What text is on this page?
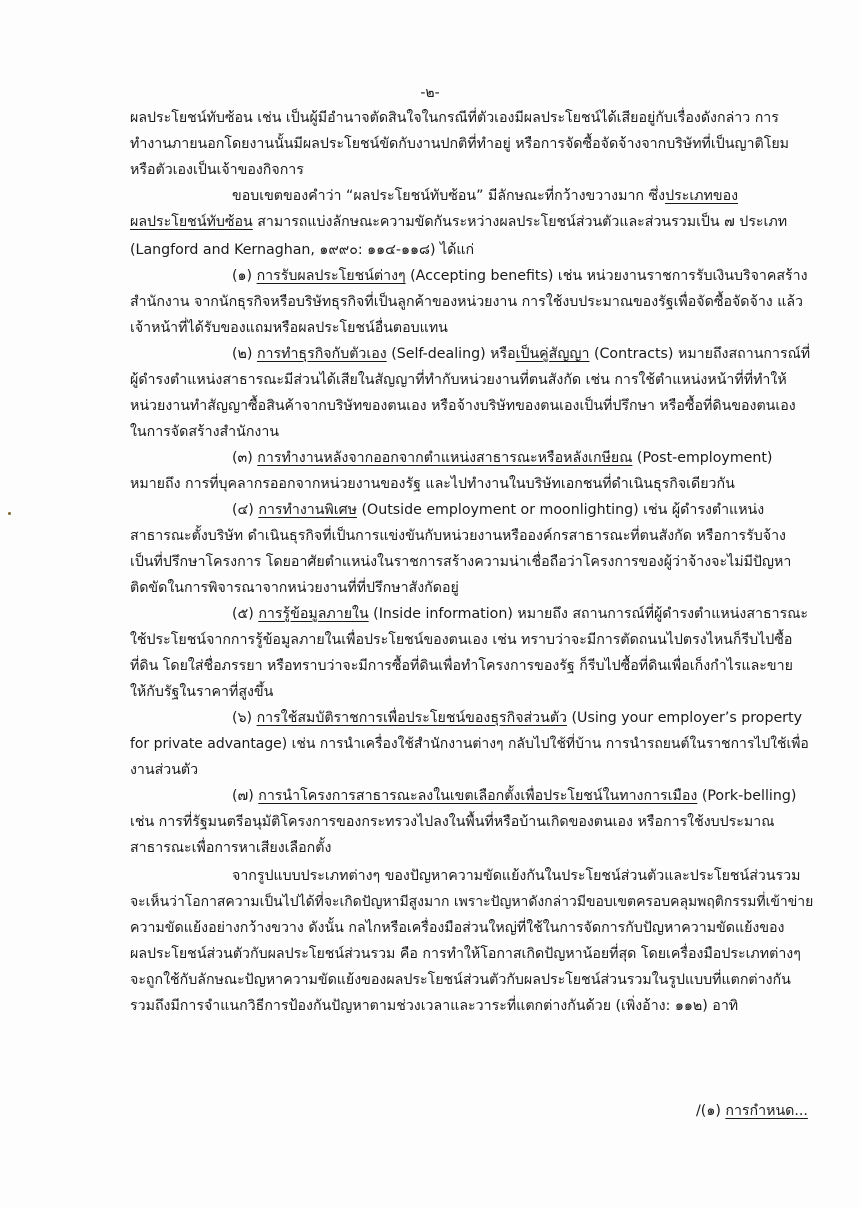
-๒-
ผลประโยชน์ทับซ้อน เช่น เป็นผู้มีอำนาจตัดสินใจในกรณีที่ตัวเองมีผลประโยชน์ได้เสียอยู่กับเรื่องดังกล่าว การ
ทำงานภายนอกโดยงานนั้นมีผลประโยชน์ขัดกับงานปกติที่ทำอยู่ หรือการจัดซื้อจัดจ้างจากบริษัทที่เป็นญาติโยม
หรือตัวเองเป็นเจ้าของกิจการ
ขอบเขตของคำว่า “ผลประโยชน์ทับซ้อน” มีลักษณะที่กว้างขวางมาก ซึ่งประเภทของ
ผลประโยชน์ทับซ้อน สามารถแบ่งลักษณะความขัดกันระหว่างผลประโยชน์ส่วนตัวและส่วนรวมเป็น ๗ ประเภท
(Langford and Kernaghan, ๑๙๙๐: ๑๑๔-๑๑๘) ได้แก่
(๑) การรับผลประโยชน์ต่างๆ (Accepting benefits) เช่น หน่วยงานราชการรับเงินบริจาคสร้าง
สำนักงาน จากนักธุรกิจหรือบริษัทธุรกิจที่เป็นลูกค้าของหน่วยงาน การใช้งบประมาณของรัฐเพื่อจัดซื้อจัดจ้าง แล้ว
เจ้าหน้าที่ได้รับของแถมหรือผลประโยชน์อื่นตอบแทน
(๒) การทำธุรกิจกับตัวเอง (Self-dealing) หรือเป็นคู่สัญญา (Contracts) หมายถึงสถานการณ์ที่
ผู้ดำรงตำแหน่งสาธารณะมีส่วนได้เสียในสัญญาที่ทำกับหน่วยงานที่ตนสังกัด เช่น การใช้ตำแหน่งหน้าที่ที่ทำให้
หน่วยงานทำสัญญาซื้อสินค้าจากบริษัทของตนเอง หรือจ้างบริษัทของตนเองเป็นที่ปรึกษา หรือซื้อที่ดินของตนเอง
ในการจัดสร้างสำนักงาน
(๓) การทำงานหลังจากออกจากตำแหน่งสาธารณะหรือหลังเกษียณ (Post-employment)
หมายถึง การที่บุคลากรออกจากหน่วยงานของรัฐ และไปทำงานในบริษัทเอกชนที่ดำเนินธุรกิจเดียวกัน
(๔) การทำงานพิเศษ (Outside employment or moonlighting) เช่น ผู้ดำรงตำแหน่ง
สาธารณะตั้งบริษัท ดำเนินธุรกิจที่เป็นการแข่งขันกับหน่วยงานหรือองค์กรสาธารณะที่ตนสังกัด หรือการรับจ้าง
เป็นที่ปรึกษาโครงการ โดยอาศัยตำแหน่งในราชการสร้างความน่าเชื่อถือว่าโครงการของผู้ว่าจ้างจะไม่มีปัญหา
ติดขัดในการพิจารณาจากหน่วยงานที่ที่ปรึกษาสังกัดอยู่
(๕) การรู้ข้อมูลภายใน (Inside information) หมายถึง สถานการณ์ที่ผู้ดำรงตำแหน่งสาธารณะ
ใช้ประโยชน์จากการรู้ข้อมูลภายในเพื่อประโยชน์ของตนเอง เช่น ทราบว่าจะมีการตัดถนนไปตรงไหนก็รีบไปซื้อ
ที่ดิน โดยใส่ชื่อภรรยา หรือทราบว่าจะมีการซื้อที่ดินเพื่อทำโครงการของรัฐ ก็รีบไปซื้อที่ดินเพื่อเก็งกำไรและขาย
ให้กับรัฐในราคาที่สูงขึ้น
(๖) การใช้สมบัติราชการเพื่อประโยชน์ของธุรกิจส่วนตัว (Using your employer’s property
for private advantage) เช่น การนำเครื่องใช้สำนักงานต่างๆ กลับไปใช้ที่บ้าน การนำรถยนต์ในราชการไปใช้เพื่อ
งานส่วนตัว
(๗) การนำโครงการสาธารณะลงในเขตเลือกตั้งเพื่อประโยชน์ในทางการเมือง (Pork-belling)
เช่น การที่รัฐมนตรีอนุมัติโครงการของกระทรวงไปลงในพื้นที่หรือบ้านเกิดของตนเอง หรือการใช้งบประมาณ
สาธารณะเพื่อการหาเสียงเลือกตั้ง
จากรูปแบบประเภทต่างๆ ของปัญหาความขัดแย้งกันในประโยชน์ส่วนตัวและประโยชน์ส่วนรวม
จะเห็นว่าโอกาสความเป็นไปได้ที่จะเกิดปัญหามีสูงมาก เพราะปัญหาดังกล่าวมีขอบเขตครอบคลุมพฤติกรรมที่เข้าข่าย
ความขัดแย้งอย่างกว้างขวาง ดังนั้น กลไกหรือเครื่องมือส่วนใหญ่ที่ใช้ในการจัดการกับปัญหาความขัดแย้งของ
ผลประโยชน์ส่วนตัวกับผลประโยชน์ส่วนรวม คือ การทำให้โอกาสเกิดปัญหาน้อยที่สุด โดยเครื่องมือประเภทต่างๆ
จะถูกใช้กับลักษณะปัญหาความขัดแย้งของผลประโยชน์ส่วนตัวกับผลประโยชน์ส่วนรวมในรูปแบบที่แตกต่างกัน
รวมถึงมีการจำแนกวิธีการป้องกันปัญหาตามช่วงเวลาและวาระที่แตกต่างกันด้วย (เพิ่งอ้าง: ๑๑๒) อาทิ
/(๑) การกำหนด...
